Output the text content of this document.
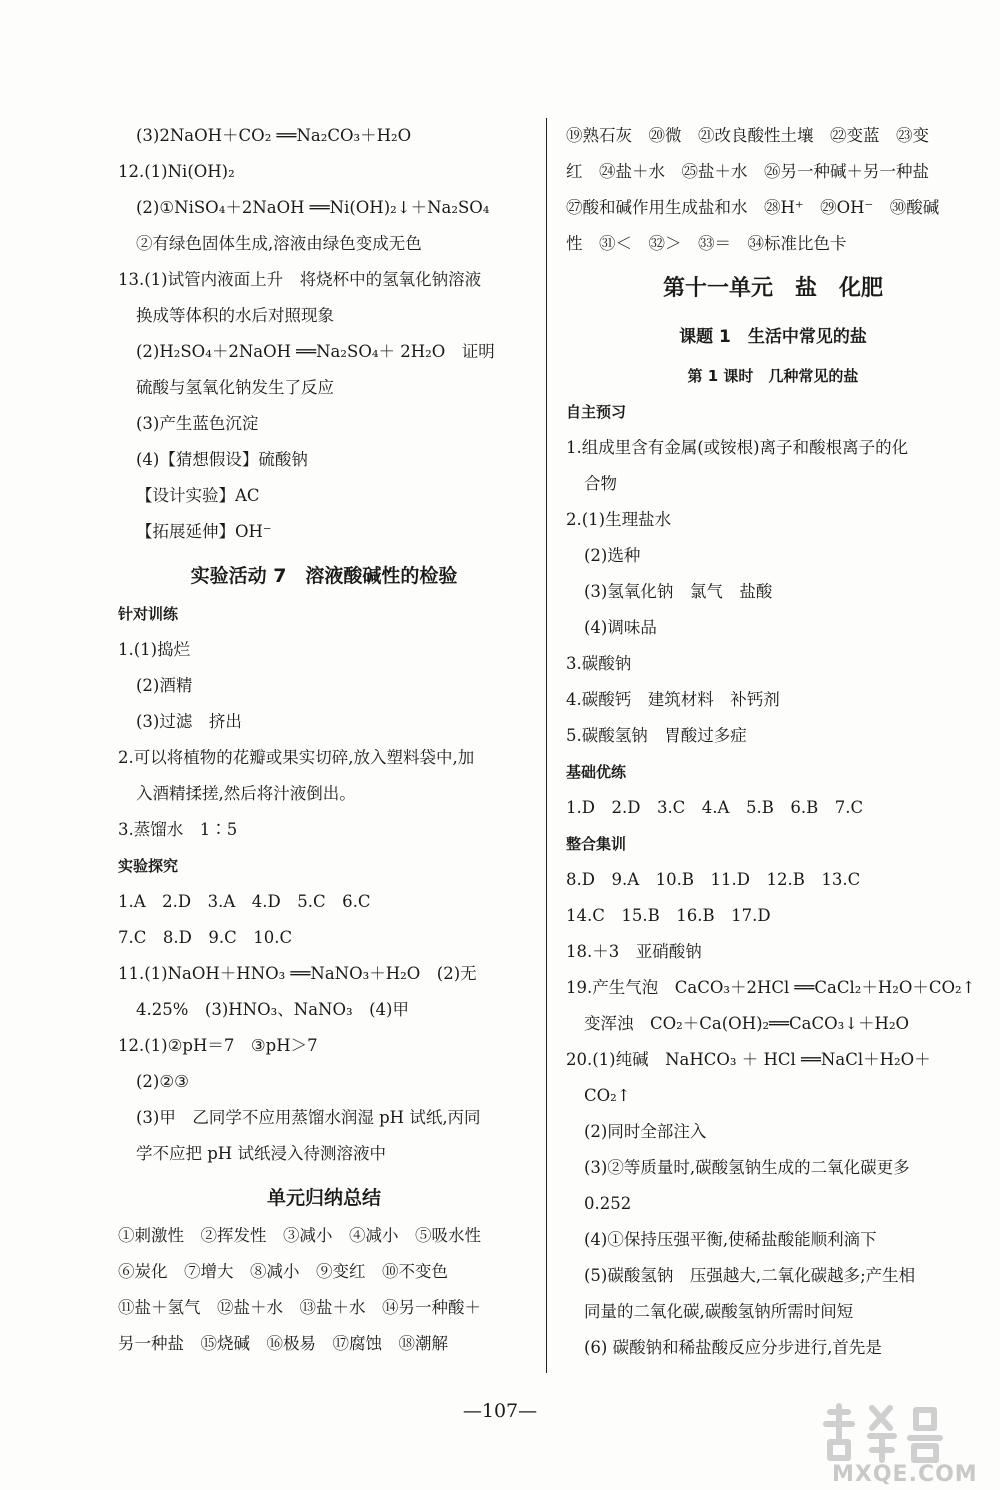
(3)2NaOH＋CO₂ ══Na₂CO₃＋H₂O
12.(1)Ni(OH)₂
(2)①NiSO₄＋2NaOH ══Ni(OH)₂↓＋Na₂SO₄
②有绿色固体生成,溶液由绿色变成无色
13.(1)试管内液面上升　将烧杯中的氢氧化钠溶液
换成等体积的水后对照现象
(2)H₂SO₄＋2NaOH ══Na₂SO₄＋ 2H₂O　证明
硫酸与氢氧化钠发生了反应
(3)产生蓝色沉淀
(4)【猜想假设】硫酸钠
【设计实验】AC
【拓展延伸】OH⁻
实验活动 7　溶液酸碱性的检验
针对训练
1.(1)捣烂
(2)酒精
(3)过滤　挤出
2.可以将植物的花瓣或果实切碎,放入塑料袋中,加
入酒精揉搓,然后将汁液倒出。
3.蒸馏水　1∶5
实验探究
1.A　2.D　3.A　4.D　5.C　6.C
7.C　8.D　9.C　10.C
11.(1)NaOH＋HNO₃ ══NaNO₃＋H₂O　(2)无
4.25%　(3)HNO₃、NaNO₃　(4)甲
12.(1)②pH＝7　③pH＞7
(2)②③
(3)甲　乙同学不应用蒸馏水润湿 pH 试纸,丙同
学不应把 pH 试纸浸入待测溶液中
单元归纳总结
①刺激性　②挥发性　③减小　④减小　⑤吸水性
⑥炭化　⑦增大　⑧减小　⑨变红　⑩不变色
⑪盐＋氢气　⑫盐＋水　⑬盐＋水　⑭另一种酸＋
另一种盐　⑮烧碱　⑯极易　⑰腐蚀　⑱潮解
⑲熟石灰　⑳微　㉑改良酸性土壤　㉒变蓝　㉓变
红　㉔盐＋水　㉕盐＋水　㉖另一种碱＋另一种盐
㉗酸和碱作用生成盐和水　㉘H⁺　㉙OH⁻　㉚酸碱
性　㉛＜　㉜＞　㉝＝　㉞标准比色卡
第十一单元　盐　化肥
课题 1　生活中常见的盐
第 1 课时　几种常见的盐
自主预习
1.组成里含有金属(或铵根)离子和酸根离子的化
合物
2.(1)生理盐水
(2)选种
(3)氢氧化钠　氯气　盐酸
(4)调味品
3.碳酸钠
4.碳酸钙　建筑材料　补钙剂
5.碳酸氢钠　胃酸过多症
基础优练
1.D　2.D　3.C　4.A　5.B　6.B　7.C
整合集训
8.D　9.A　10.B　11.D　12.B　13.C
14.C　15.B　16.B　17.D
18.＋3　亚硝酸钠
19.产生气泡　CaCO₃＋2HCl ══CaCl₂＋H₂O＋CO₂↑
变浑浊　CO₂＋Ca(OH)₂══CaCO₃↓＋H₂O
20.(1)纯碱　NaHCO₃ ＋ HCl ══NaCl＋H₂O＋
CO₂↑
(2)同时全部注入
(3)②等质量时,碳酸氢钠生成的二氧化碳更多
0.252
(4)①保持压强平衡,使稀盐酸能顺利滴下
(5)碳酸氢钠　压强越大,二氧化碳越多;产生相
同量的二氧化碳,碳酸氢钠所需时间短
(6) 碳酸钠和稀盐酸反应分步进行,首先是
—107—
MXQE.COM
